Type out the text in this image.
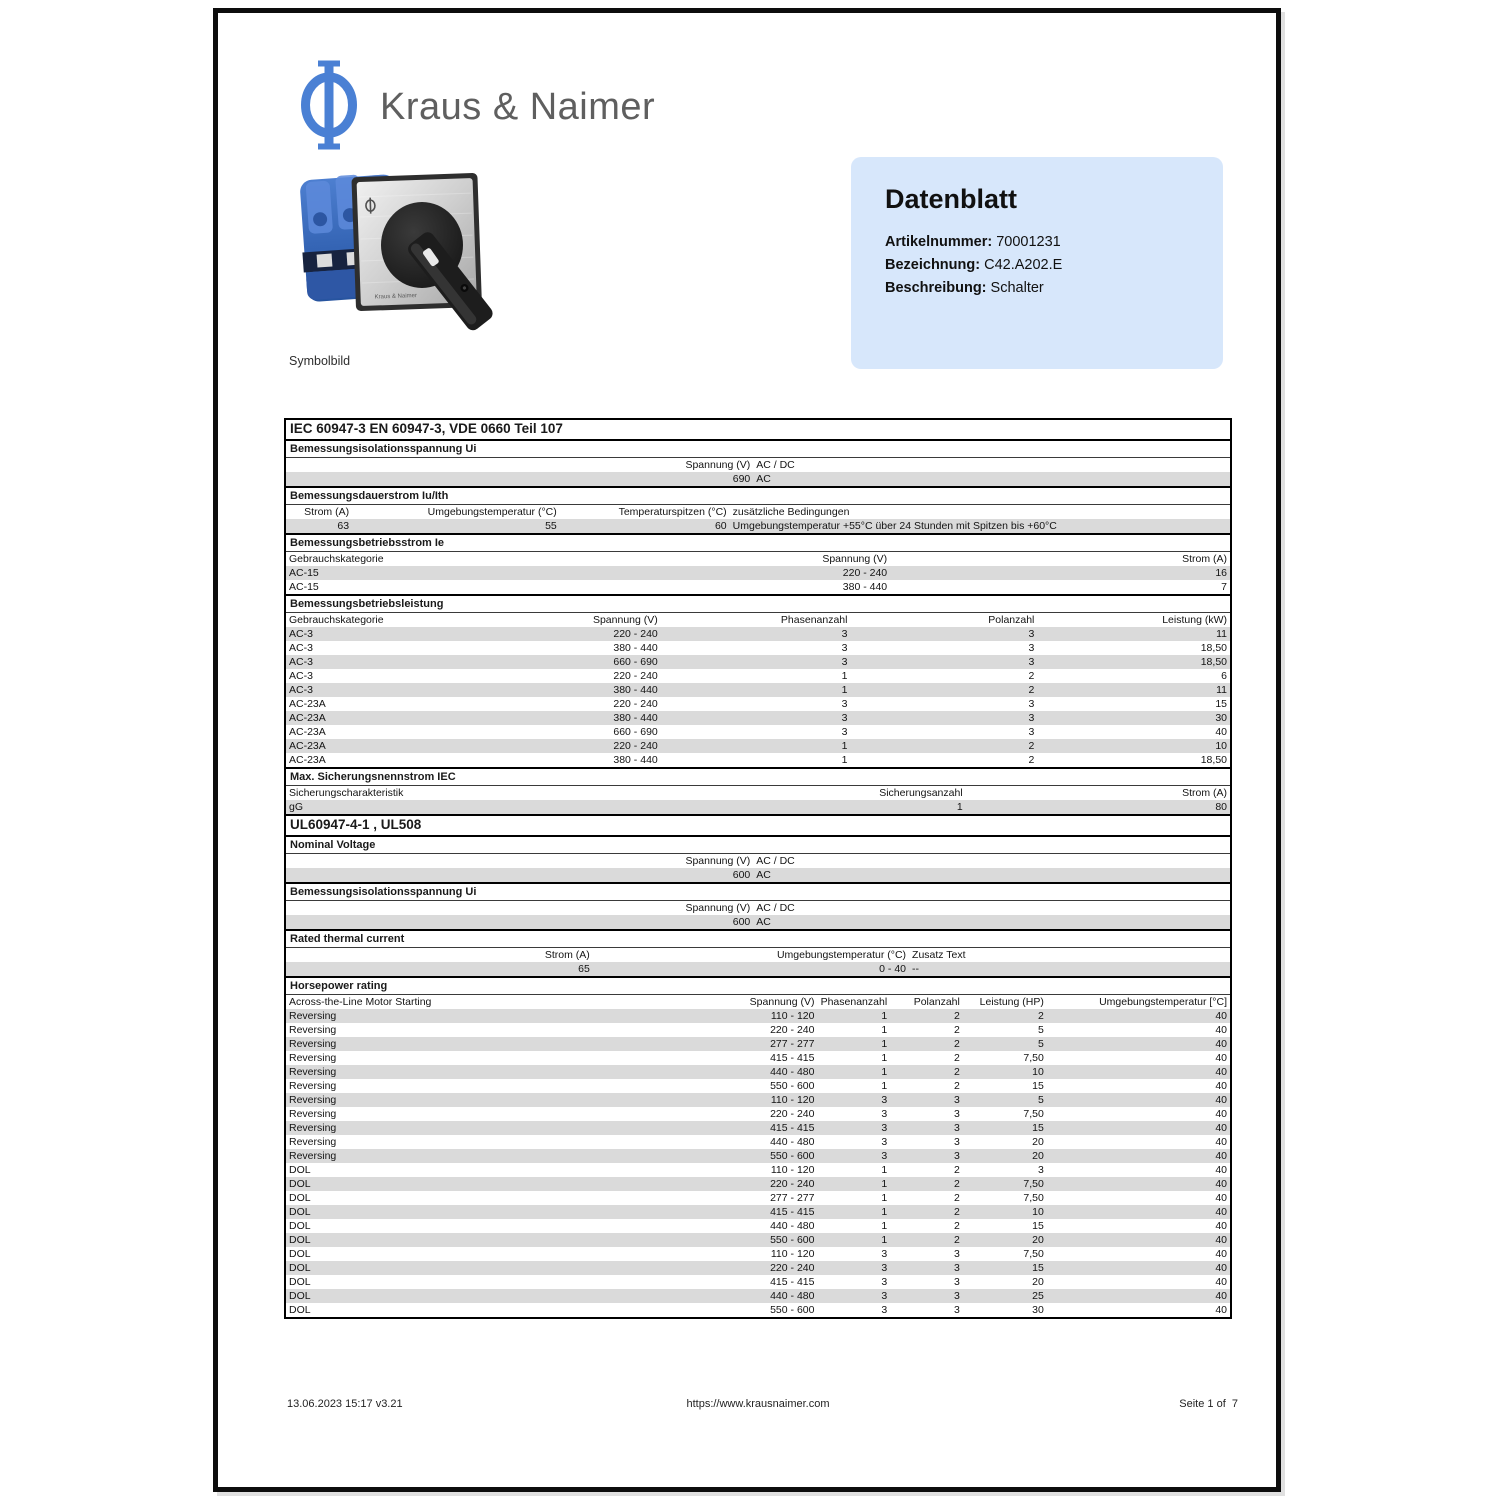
Kraus & Naimer
Kraus & Naimer
Symbolbild
Datenblatt
Artikelnummer: 70001231
Bezeichnung: C42.A202.E
Beschreibung: Schalter
IEC 60947-3 EN 60947-3, VDE 0660 Teil 107
Bemessungsisolationsspannung Ui
Spannung (V)	AC / DC
690	AC
Bemessungsdauerstrom Iu/Ith
Strom (A)	Umgebungstemperatur (°C)	Temperaturspitzen (°C)	zusätzliche Bedingungen
63	55	60	Umgebungstemperatur +55°C über 24 Stunden mit Spitzen bis +60°C
Bemessungsbetriebsstrom Ie
Gebrauchskategorie	Spannung (V)	Strom (A)
AC-15	220 - 240	16
AC-15	380 - 440	7
Bemessungsbetriebsleistung
Gebrauchskategorie	Spannung (V)	Phasenanzahl	Polanzahl	Leistung (kW)
AC-3	220 - 240	3	3	11
AC-3	380 - 440	3	3	18,50
AC-3	660 - 690	3	3	18,50
AC-3	220 - 240	1	2	6
AC-3	380 - 440	1	2	11
AC-23A	220 - 240	3	3	15
AC-23A	380 - 440	3	3	30
AC-23A	660 - 690	3	3	40
AC-23A	220 - 240	1	2	10
AC-23A	380 - 440	1	2	18,50
Max. Sicherungsnennstrom IEC
Sicherungscharakteristik	Sicherungsanzahl	Strom (A)
gG	1	80
UL60947-4-1 , UL508
Nominal Voltage
Spannung (V)	AC / DC
600	AC
Bemessungsisolationsspannung Ui
Spannung (V)	AC / DC
600	AC
Rated thermal current
Strom (A)	Umgebungstemperatur (°C)	Zusatz Text
65	0 - 40	--
Horsepower rating
Across-the-Line Motor Starting	Spannung (V)	Phasenanzahl	Polanzahl	Leistung (HP)	Umgebungstemperatur [°C]
Reversing	110 - 120	1	2	2	40
Reversing	220 - 240	1	2	5	40
Reversing	277 - 277	1	2	5	40
Reversing	415 - 415	1	2	7,50	40
Reversing	440 - 480	1	2	10	40
Reversing	550 - 600	1	2	15	40
Reversing	110 - 120	3	3	5	40
Reversing	220 - 240	3	3	7,50	40
Reversing	415 - 415	3	3	15	40
Reversing	440 - 480	3	3	20	40
Reversing	550 - 600	3	3	20	40
DOL	110 - 120	1	2	3	40
DOL	220 - 240	1	2	7,50	40
DOL	277 - 277	1	2	7,50	40
DOL	415 - 415	1	2	10	40
DOL	440 - 480	1	2	15	40
DOL	550 - 600	1	2	20	40
DOL	110 - 120	3	3	7,50	40
DOL	220 - 240	3	3	15	40
DOL	415 - 415	3	3	20	40
DOL	440 - 480	3	3	25	40
DOL	550 - 600	3	3	30	40
13.06.2023 15:17 v3.21	https://www.krausnaimer.com	Seite 1 of  7
